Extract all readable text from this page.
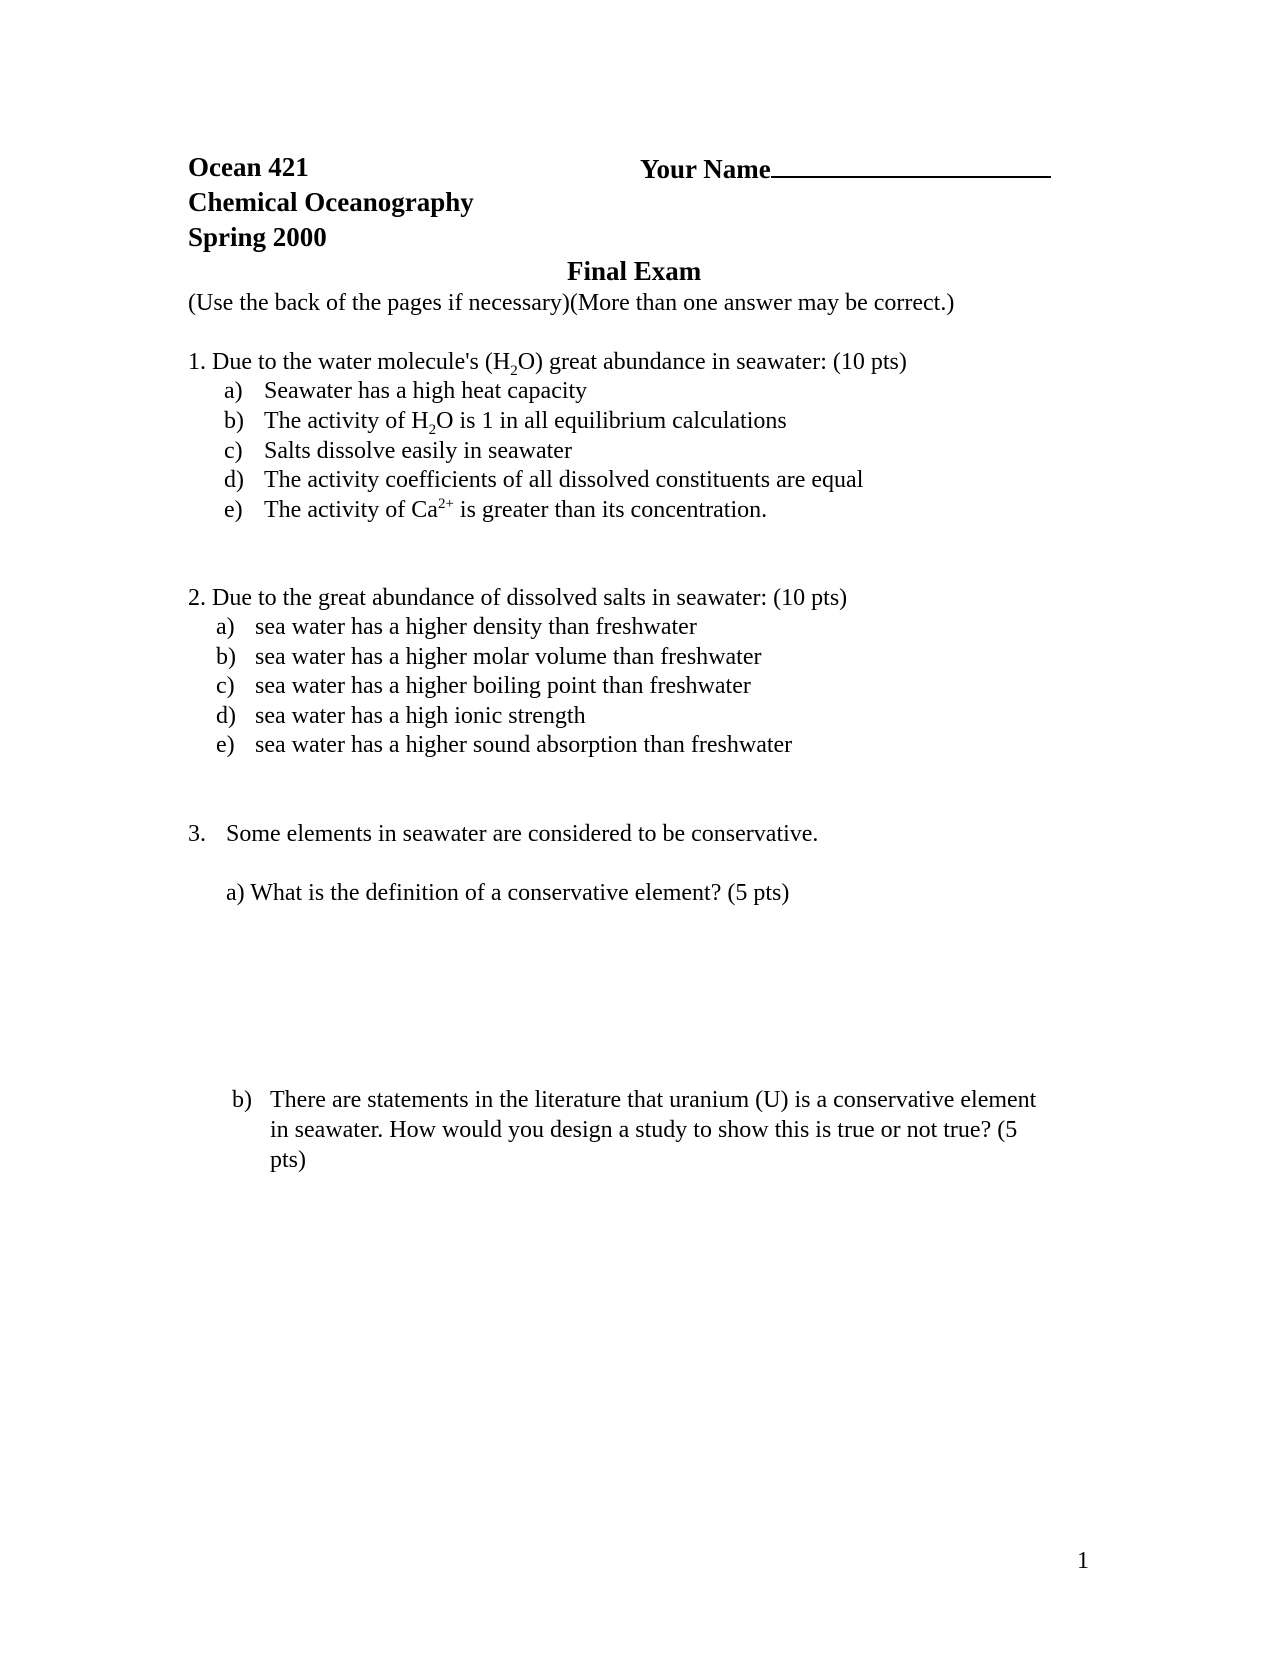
Ocean 421	Your Name
Chemical Oceanography
Spring 2000
Final Exam
(Use the back of the pages if necessary)(More than one answer may be correct.)
1. Due to the water molecule's $(H_2O)$ great abundance in seawater: (10 pts)
a) Seawater has a high heat capacity
b) The activity of $H_2O$ is 1 in all equilibrium calculations
c) Salts dissolve easily in seawater
d) The activity coefficients of all dissolved constituents are equal
e) The activity of $Ca^{2+}$ is greater than its concentration.
2. Due to the great abundance of dissolved salts in seawater: (10 pts)
a) sea water has a higher density than freshwater
b) sea water has a higher molar volume than freshwater
c) sea water has a higher boiling point than freshwater
d) sea water has a high ionic strength
e) sea water has a higher sound absorption than freshwater
3. Some elements in seawater are considered to be conservative.
a) What is the definition of a conservative element? (5 pts)
b) There are statements in the literature that uranium (U) is a conservative element
in seawater. How would you design a study to show this is true or not true? (5
pts)
1
